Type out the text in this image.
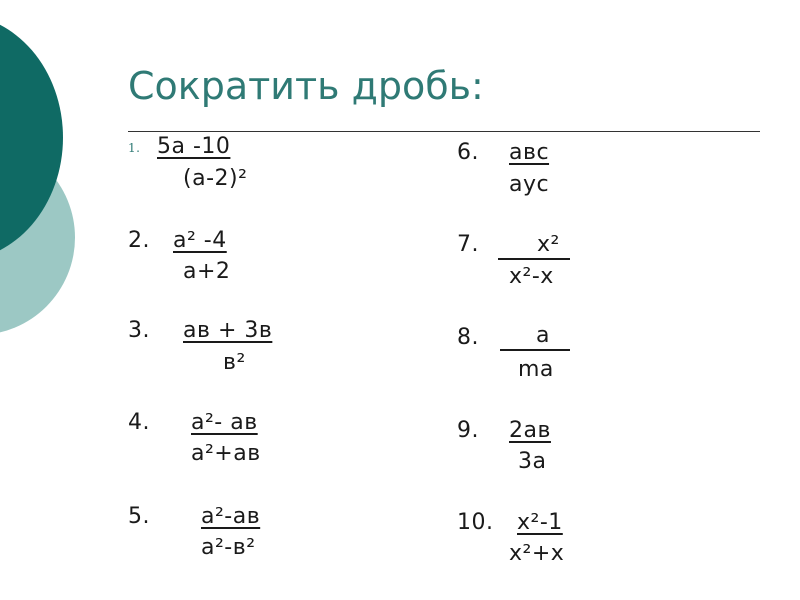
Сократить дробь:
1. 5а -10
(а-2)²
2. а² -4
а+2
3. ав + 3в
в²
4. а²- ав
а²+ав
5. а²-ав
а²-в²
6. авс
ауc
7.	х²
х²-х
8.	а
mа
9. 2ав
3а
10. х²-1
х²+х
